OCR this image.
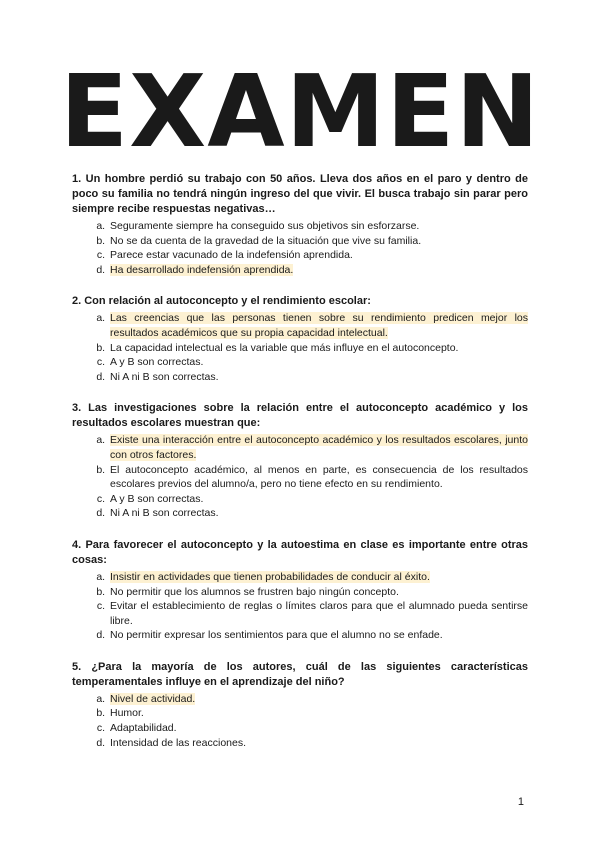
EXAMEN
1. Un hombre perdió su trabajo con 50 años. Lleva dos años en el paro y dentro de poco su familia no tendrá ningún ingreso del que vivir. El busca trabajo sin parar pero siempre recibe respuestas negativas…
a. Seguramente siempre ha conseguido sus objetivos sin esforzarse.
b. No se da cuenta de la gravedad de la situación que vive su familia.
c. Parece estar vacunado de la indefensión aprendida.
d. Ha desarrollado indefensión aprendida.
2. Con relación al autoconcepto y el rendimiento escolar:
a. Las creencias que las personas tienen sobre su rendimiento predicen mejor los resultados académicos que su propia capacidad intelectual.
b. La capacidad intelectual es la variable que más influye en el autoconcepto.
c. A y B son correctas.
d. Ni A ni B son correctas.
3. Las investigaciones sobre la relación entre el autoconcepto académico y los resultados escolares muestran que:
a. Existe una interacción entre el autoconcepto académico y los resultados escolares, junto con otros factores.
b. El autoconcepto académico, al menos en parte, es consecuencia de los resultados escolares previos del alumno/a, pero no tiene efecto en su rendimiento.
c. A y B son correctas.
d. Ni A ni B son correctas.
4. Para favorecer el autoconcepto y la autoestima en clase es importante entre otras cosas:
a. Insistir en actividades que tienen probabilidades de conducir al éxito.
b. No permitir que los alumnos se frustren bajo ningún concepto.
c. Evitar el establecimiento de reglas o límites claros para que el alumnado pueda sentirse libre.
d. No permitir expresar los sentimientos para que el alumno no se enfade.
5. ¿Para la mayoría de los autores, cuál de las siguientes características temperamentales influye en el aprendizaje del niño?
a. Nivel de actividad.
b. Humor.
c. Adaptabilidad.
d. Intensidad de las reacciones.
1
